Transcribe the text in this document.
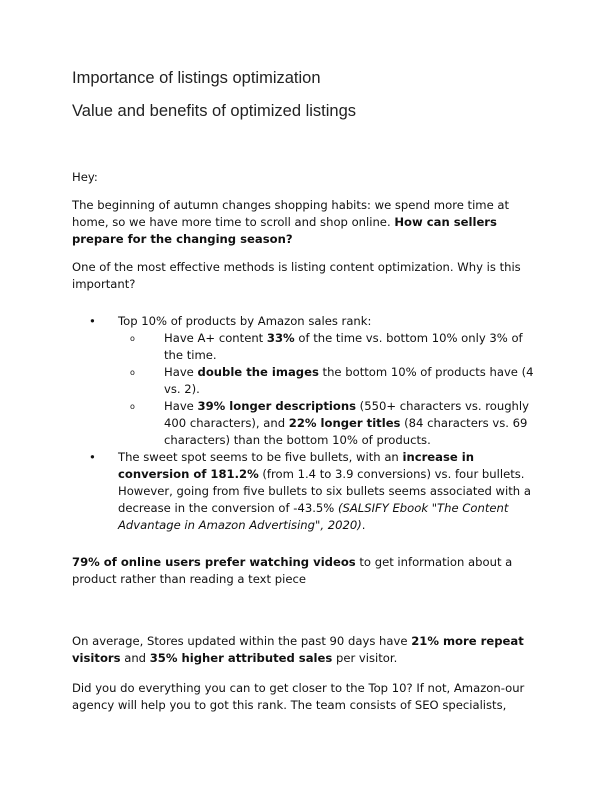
Importance of listings optimization
Value and benefits of optimized listings

Hey:

The beginning of autumn changes shopping habits: we spend more time at home, so we have more time to scroll and shop online. How can sellers prepare for the changing season?

One of the most effective methods is listing content optimization. Why is this important?

• Top 10% of products by Amazon sales rank:
o Have A+ content 33% of the time vs. bottom 10% only 3% of the time.
o Have double the images the bottom 10% of products have (4 vs. 2).
o Have 39% longer descriptions (550+ characters vs. roughly 400 characters), and 22% longer titles (84 characters vs. 69 characters) than the bottom 10% of products.
• The sweet spot seems to be five bullets, with an increase in conversion of 181.2% (from 1.4 to 3.9 conversions) vs. four bullets. However, going from five bullets to six bullets seems associated with a decrease in the conversion of -43.5% (SALSIFY Ebook "The Content Advantage in Amazon Advertising", 2020).

79% of online users prefer watching videos to get information about a product rather than reading a text piece

On average, Stores updated within the past 90 days have 21% more repeat visitors and 35% higher attributed sales per visitor.

Did you do everything you can to get closer to the Top 10? If not, Amazon-our agency will help you to got this rank. The team consists of SEO specialists,
